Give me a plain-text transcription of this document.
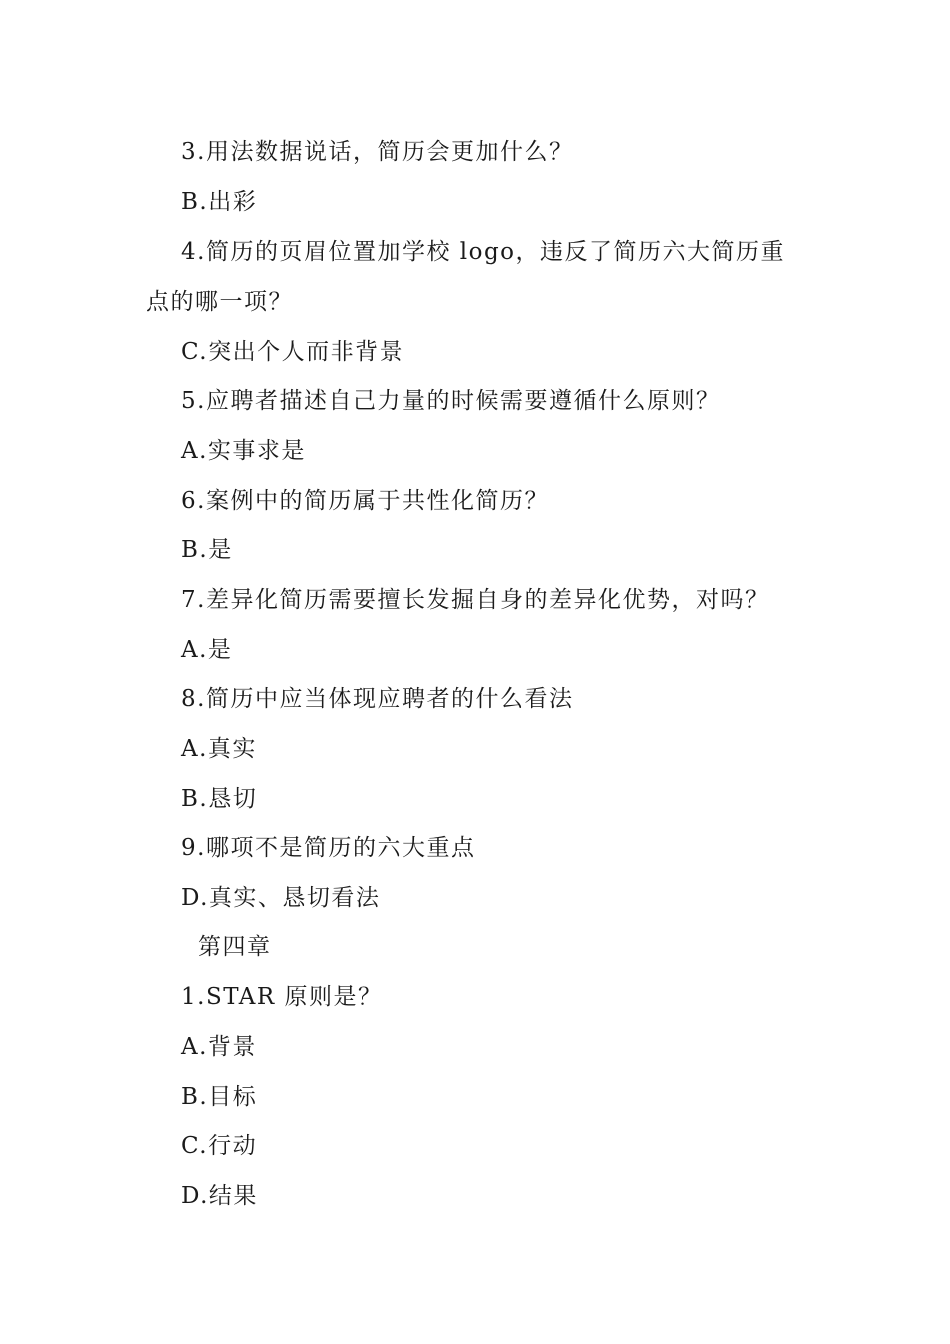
3.用法数据说话，简历会更加什么？
B.出彩
4.简历的页眉位置加学校 logo，违反了简历六大简历重
点的哪一项？
C.突出个人而非背景
5.应聘者描述自己力量的时候需要遵循什么原则？
A.实事求是
6.案例中的简历属于共性化简历？
B.是
7.差异化简历需要擅长发掘自身的差异化优势，对吗？
A.是
8.简历中应当体现应聘者的什么看法
A.真实
B.恳切
9.哪项不是简历的六大重点
D.真实、恳切看法
第四章
1.STAR 原则是？
A.背景
B.目标
C.行动
D.结果
